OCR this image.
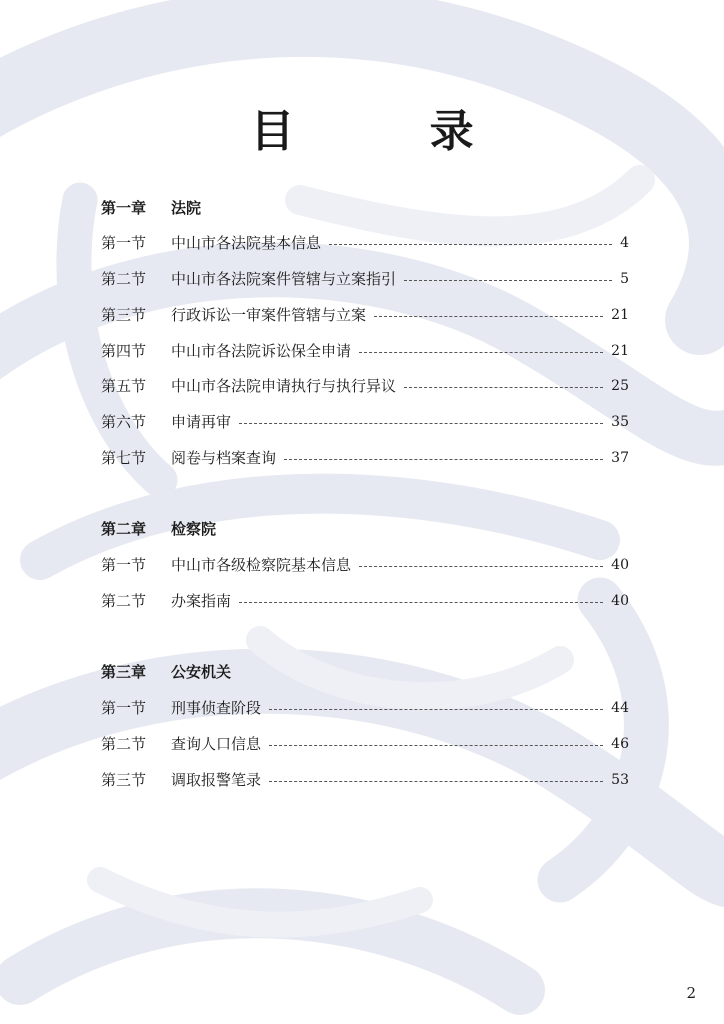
目 录
第一章 法院
第一节	中山市各法院基本信息	4
第二节	中山市各法院案件管辖与立案指引	5
第三节	行政诉讼一审案件管辖与立案	21
第四节	中山市各法院诉讼保全申请	21
第五节	中山市各法院申请执行与执行异议	25
第六节	申请再审	35
第七节	阅卷与档案查询	37
第二章 检察院
第一节	中山市各级检察院基本信息	40
第二节	办案指南	40
第三章 公安机关
第一节	刑事侦查阶段	44
第二节	查询人口信息	46
第三节	调取报警笔录	53
2
